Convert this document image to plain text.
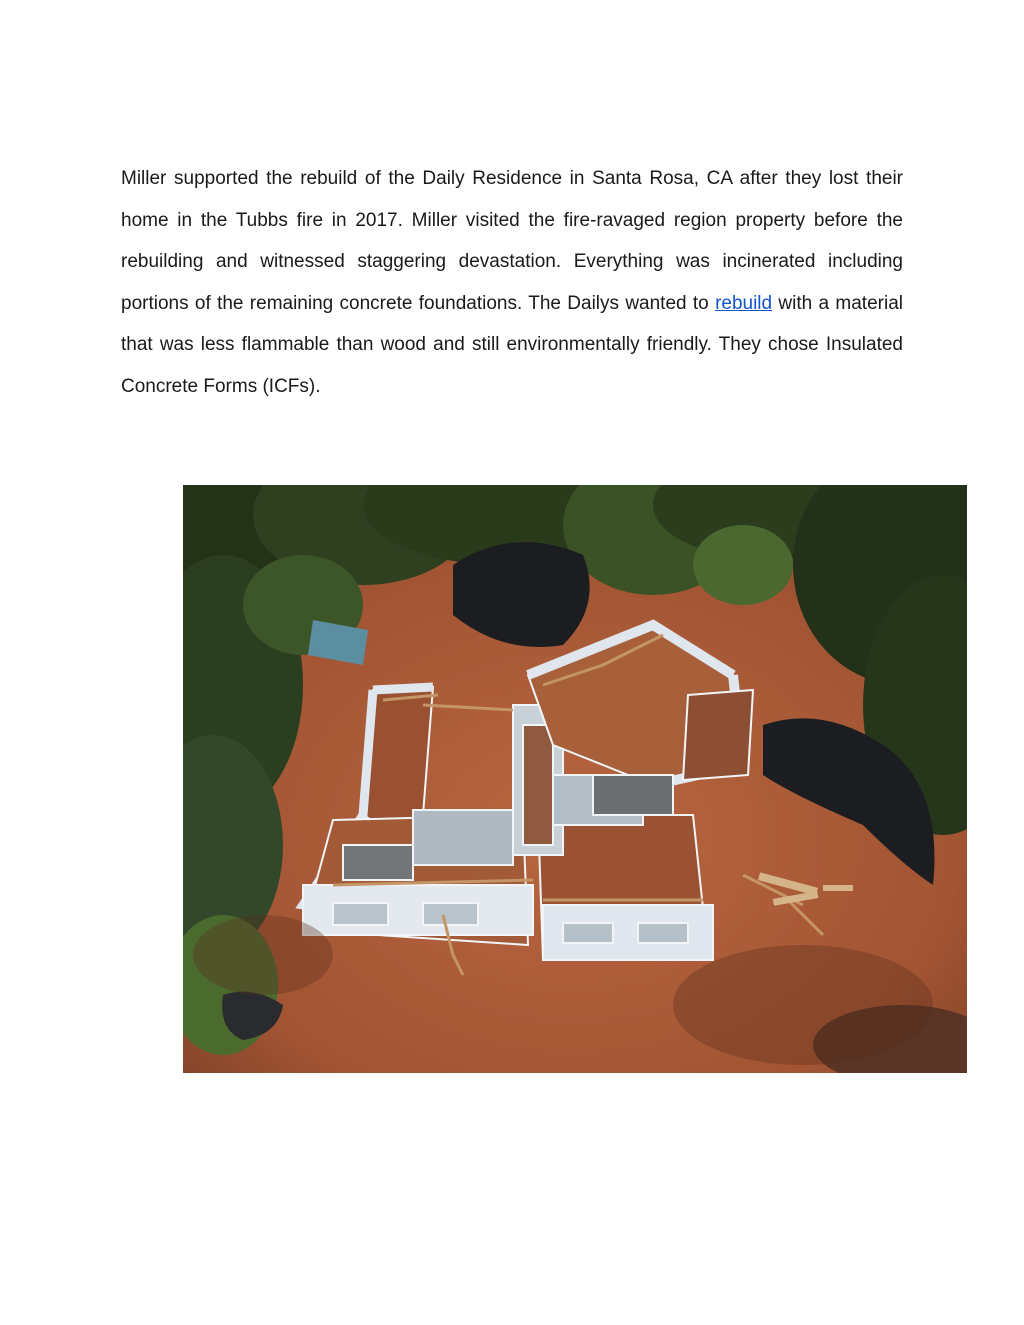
Miller supported the rebuild of the Daily Residence in Santa Rosa, CA after they lost their home in the Tubbs fire in 2017. Miller visited the fire-ravaged region property before the rebuilding and witnessed staggering devastation. Everything was incinerated including portions of the remaining concrete foundations. The Dailys wanted to rebuild with a material that was less flammable than wood and still environmentally friendly. They chose Insulated Concrete Forms (ICFs).
